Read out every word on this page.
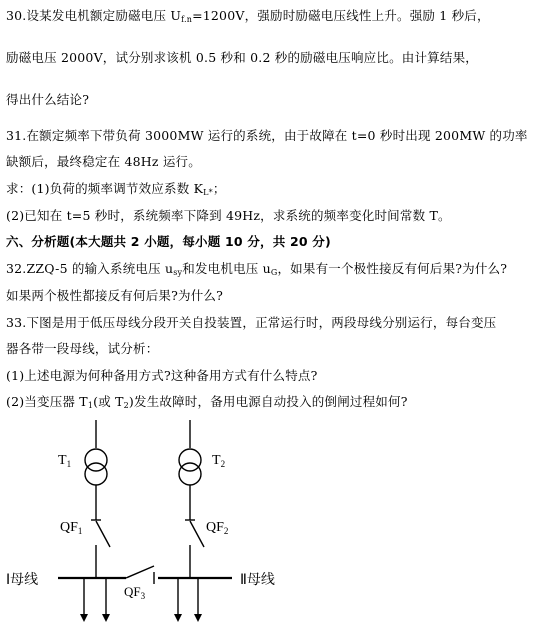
30.设某发电机额定励磁电压 $U_{f.n}=1200V$，强励时励磁电压线性上升。强励 1 秒后，
励磁电压 2000V，试分别求该机 0.5 秒和 0.2 秒的励磁电压响应比。由计算结果，
得出什么结论?
31.在额定频率下带负荷 3000MW 运行的系统，由于故障在 t=0 秒时出现 200MW 的功率
缺额后，最终稳定在 48Hz 运行。
求：(1)负荷的频率调节效应系数 $K_{L*}$；
(2)已知在 t=5 秒时，系统频率下降到 49Hz，求系统的频率变化时间常数 T。
六、分析题(本大题共 2 小题，每小题 10 分，共 20 分)
32.ZZQ-5 的输入系统电压 $u_{sy}$和发电机电压 $u_G$，如果有一个极性接反有何后果?为什么?
如果两个极性都接反有何后果?为什么?
33.下图是用于低压母线分段开关自投装置，正常运行时，两段母线分别运行，每台变压
器各带一段母线，试分析：
(1)上述电源为何种备用方式?这种备用方式有什么特点?
(2)当变压器 $T_1$(或 $T_2$)发生故障时，备用电源自动投入的倒闸过程如何?
$T_1$	$T_2$
$QF_1$	$QF_2$
$QF_3$
Ⅰ母线	Ⅱ母线
